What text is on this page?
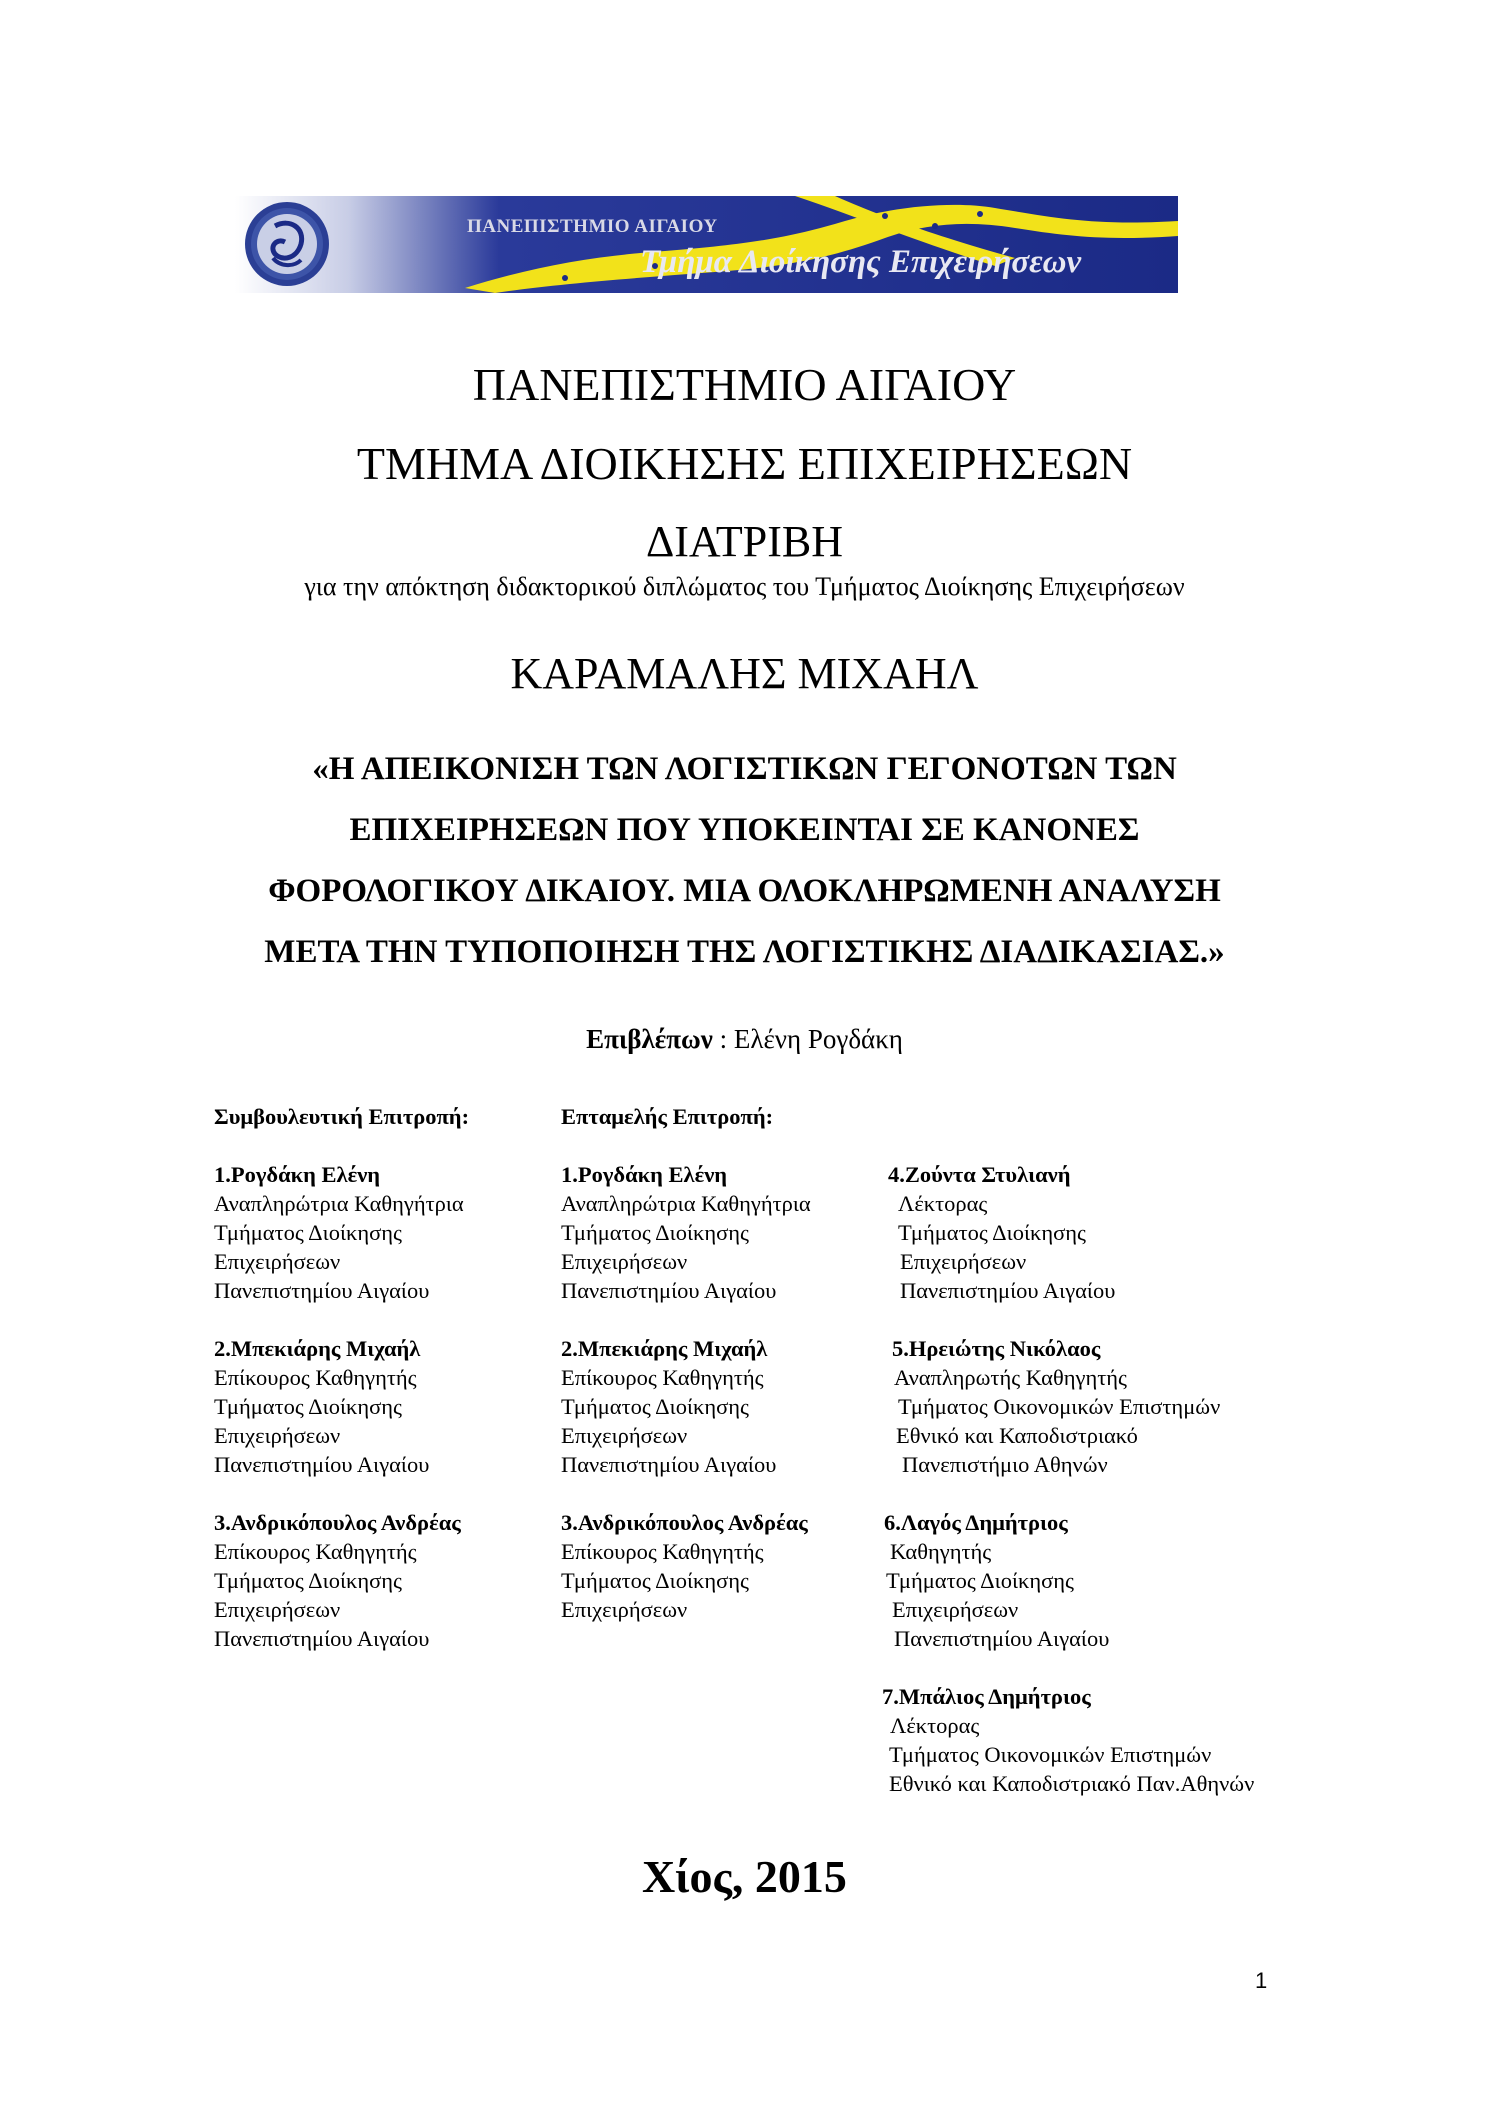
ΠΑΝΕΠΙΣΤΗΜΙΟ ΑΙΓΑΙΟΥ
Τμήμα Διοίκησης Επιχειρήσεων
ΠΑΝΕΠΙΣΤΗΜΙΟ ΑΙΓΑΙΟΥ
ΤΜΗΜΑ ΔΙΟΙΚΗΣΗΣ ΕΠΙΧΕΙΡΗΣΕΩΝ
ΔΙΑΤΡΙΒΗ
για την απόκτηση διδακτορικού διπλώματος του Τμήματος Διοίκησης Επιχειρήσεων
ΚΑΡΑΜΑΛΗΣ ΜΙΧΑΗΛ
«Η ΑΠΕΙΚΟΝΙΣΗ ΤΩΝ ΛΟΓΙΣΤΙΚΩΝ ΓΕΓΟΝΟΤΩΝ ΤΩΝ
ΕΠΙΧΕΙΡΗΣΕΩΝ ΠΟΥ ΥΠΟΚΕΙΝΤΑΙ ΣΕ ΚΑΝΟΝΕΣ
ΦΟΡΟΛΟΓΙΚΟΥ ΔΙΚΑΙΟΥ. ΜΙΑ ΟΛΟΚΛΗΡΩΜΕΝΗ ΑΝΑΛΥΣΗ
ΜΕΤΑ ΤΗΝ ΤΥΠΟΠΟΙΗΣΗ ΤΗΣ ΛΟΓΙΣΤΙΚΗΣ ΔΙΑΔΙΚΑΣΙΑΣ.»
Επιβλέπων : Ελένη Ρογδάκη
Συμβουλευτική Επιτροπή:
1.Ρογδάκη Ελένη
Αναπληρώτρια Καθηγήτρια
Τμήματος Διοίκησης
Επιχειρήσεων
Πανεπιστημίου Αιγαίου
2.Μπεκιάρης Μιχαήλ
Επίκουρος Καθηγητής
Τμήματος Διοίκησης
Επιχειρήσεων
Πανεπιστημίου Αιγαίου
3.Ανδρικόπουλος Ανδρέας
Επίκουρος Καθηγητής
Τμήματος Διοίκησης
Επιχειρήσεων
Πανεπιστημίου Αιγαίου
Επταμελής Επιτροπή:
1.Ρογδάκη Ελένη
Αναπληρώτρια Καθηγήτρια
Τμήματος Διοίκησης
Επιχειρήσεων
Πανεπιστημίου Αιγαίου
2.Μπεκιάρης Μιχαήλ
Επίκουρος Καθηγητής
Τμήματος Διοίκησης
Επιχειρήσεων
Πανεπιστημίου Αιγαίου
3.Ανδρικόπουλος Ανδρέας
Επίκουρος Καθηγητής
Τμήματος Διοίκησης
Επιχειρήσεων
4.Ζούντα Στυλιανή
Λέκτορας
Τμήματος Διοίκησης
Επιχειρήσεων
Πανεπιστημίου Αιγαίου
5.Ηρειώτης Νικόλαος
Αναπληρωτής Καθηγητής
Τμήματος Οικονομικών Επιστημών
Εθνικό και Καποδιστριακό
Πανεπιστήμιο Αθηνών
6.Λαγός Δημήτριος
Καθηγητής
Τμήματος Διοίκησης
Επιχειρήσεων
Πανεπιστημίου Αιγαίου
7.Μπάλιος Δημήτριος
Λέκτορας
Τμήματος Οικονομικών Επιστημών
Εθνικό και Καποδιστριακό Παν.Αθηνών
Χίος, 2015
1
